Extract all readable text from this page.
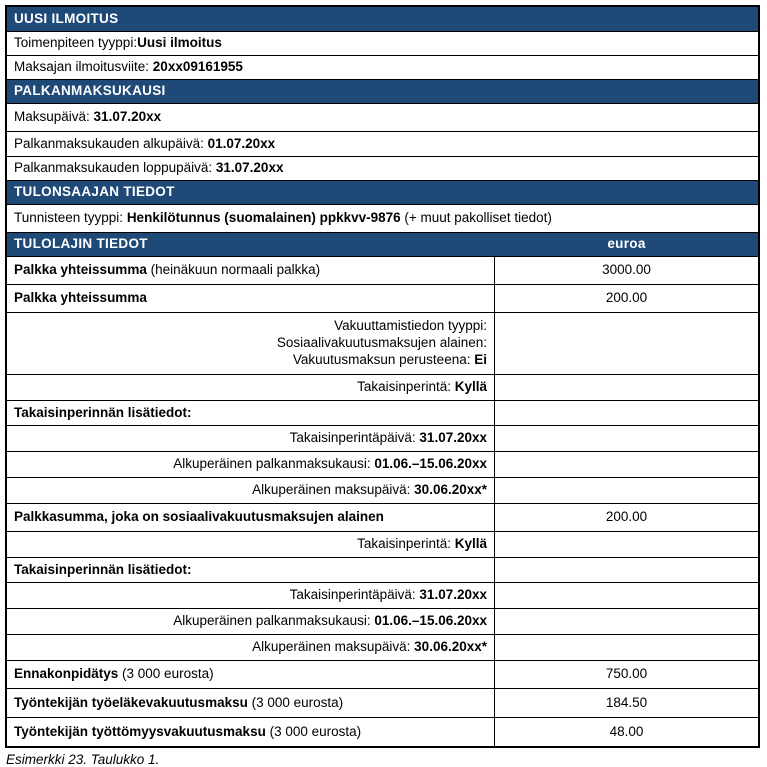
UUSI ILMOITUS
Toimenpiteen tyyppi:Uusi ilmoitus
Maksajan ilmoitusviite: 20xx09161955
PALKANMAKSUKAUSI
Maksupäivä: 31.07.20xx
Palkanmaksukauden alkupäivä: 01.07.20xx
Palkanmaksukauden loppupäivä: 31.07.20xx
TULONSAAJAN TIEDOT
Tunnisteen tyyppi: Henkilötunnus (suomalainen) ppkkvv-9876 (+ muut pakolliset tiedot)
TULOLAJIN TIEDOT	euroa
Palkka yhteissumma (heinäkuun normaali palkka)	3000.00
Palkka yhteissumma	200.00
Vakuuttamistiedon tyyppi:
Sosiaalivakuutusmaksujen alainen:
Vakuutusmaksun perusteena: Ei
Takaisinperintä: Kyllä
Takaisinperinnän lisätiedot:
Takaisinperintäpäivä: 31.07.20xx
Alkuperäinen palkanmaksukausi: 01.06.–15.06.20xx
Alkuperäinen maksupäivä: 30.06.20xx*
Palkkasumma, joka on sosiaalivakuutusmaksujen alainen	200.00
Takaisinperintä: Kyllä
Takaisinperinnän lisätiedot:
Takaisinperintäpäivä: 31.07.20xx
Alkuperäinen palkanmaksukausi: 01.06.–15.06.20xx
Alkuperäinen maksupäivä: 30.06.20xx*
Ennakonpidätys (3 000 eurosta)	750.00
Työntekijän työeläkevakuutusmaksu (3 000 eurosta)	184.50
Työntekijän työttömyysvakuutusmaksu (3 000 eurosta)	48.00
Esimerkki 23. Taulukko 1.
